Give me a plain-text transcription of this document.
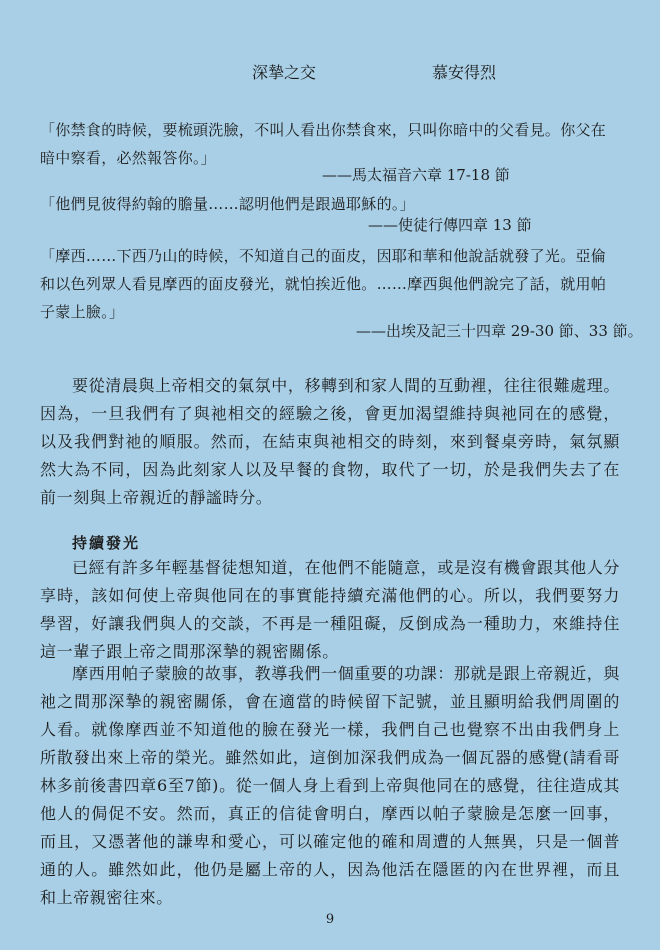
深摯之交	慕安得烈
「你禁食的時候，要梳頭洗臉，不叫人看出你禁食來，只叫你暗中的父看見。你父在暗中察看，必然報答你。」
——馬太福音六章 17-18 節
「他們見彼得約翰的膽量……認明他們是跟過耶穌的。」
——使徒行傳四章 13 節
「摩西……下西乃山的時候，不知道自己的面皮，因耶和華和他說話就發了光。亞倫和以色列眾人看見摩西的面皮發光，就怕挨近他。……摩西與他們說完了話，就用帕子蒙上臉。」
——出埃及記三十四章 29-30 節、33 節。
要從清晨與上帝相交的氣氛中，移轉到和家人間的互動裡，往往很難處理。因為，一旦我們有了與祂相交的經驗之後，會更加渴望維持與祂同在的感覺，以及我們對祂的順服。然而，在結束與祂相交的時刻，來到餐桌旁時，氣氛顯然大為不同，因為此刻家人以及早餐的食物，取代了一切，於是我們失去了在前一刻與上帝親近的靜謐時分。
持續發光
已經有許多年輕基督徒想知道，在他們不能隨意，或是沒有機會跟其他人分享時，該如何使上帝與他同在的事實能持續充滿他們的心。所以，我們要努力學習，好讓我們與人的交談，不再是一種阻礙，反倒成為一種助力，來維持住這一輩子跟上帝之間那深摯的親密關係。
摩西用帕子蒙臉的故事，教導我們一個重要的功課：那就是跟上帝親近，與祂之間那深摯的親密關係，會在適當的時候留下記號，並且顯明給我們周圍的人看。就像摩西並不知道他的臉在發光一樣，我們自己也覺察不出由我們身上所散發出來上帝的榮光。雖然如此，這倒加深我們成為一個瓦器的感覺(請看哥林多前後書四章6至7節)。從一個人身上看到上帝與他同在的感覺，往往造成其他人的侷促不安。然而，真正的信徒會明白，摩西以帕子蒙臉是怎麼一回事，而且，又憑著他的謙卑和愛心，可以確定他的確和周遭的人無異，只是一個普通的人。雖然如此，他仍是屬上帝的人，因為他活在隱匿的內在世界裡，而且和上帝親密往來。
9
